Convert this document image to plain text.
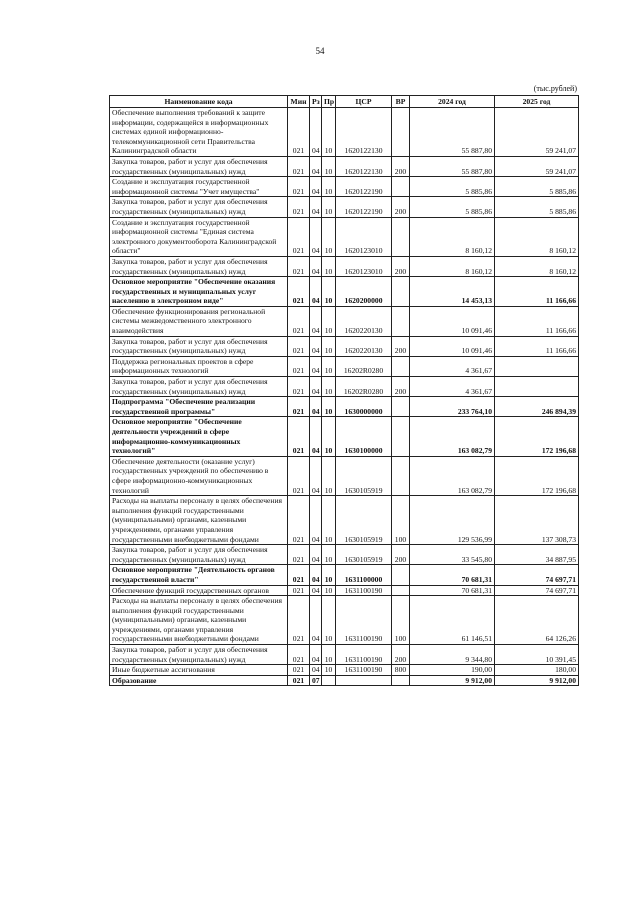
54
(тыс.рублей)
Наименование кода	Мин	Рз	Пр	ЦСР	ВР	2024 год	2025 год
Обеспечение выполнения требований к защите информации, содержащейся в информационных системах единой информационно-телекоммуникационной сети Правительства Калининградской области	021	04	10	1620122130		55 887,80	59 241,07
Закупка товаров, работ и услуг для обеспечения государственных (муниципальных) нужд	021	04	10	1620122130	200	55 887,80	59 241,07
Создание и эксплуатация государственной информационной системы "Учет имущества"	021	04	10	1620122190		5 885,86	5 885,86
Закупка товаров, работ и услуг для обеспечения государственных (муниципальных) нужд	021	04	10	1620122190	200	5 885,86	5 885,86
Создание и эксплуатация государственной информационной системы "Единая система электронного документооборота Калининградской области"	021	04	10	1620123010		8 160,12	8 160,12
Закупка товаров, работ и услуг для обеспечения государственных (муниципальных) нужд	021	04	10	1620123010	200	8 160,12	8 160,12
Основное мероприятие "Обеспечение оказания государственных и муниципальных услуг населению в электронном виде"	021	04	10	1620200000		14 453,13	11 166,66
Обеспечение функционирования региональной системы межведомственного электронного взаимодействия	021	04	10	1620220130		10 091,46	11 166,66
Закупка товаров, работ и услуг для обеспечения государственных (муниципальных) нужд	021	04	10	1620220130	200	10 091,46	11 166,66
Поддержка региональных проектов в сфере информационных технологий	021	04	10	16202R0280		4 361,67	
Закупка товаров, работ и услуг для обеспечения государственных (муниципальных) нужд	021	04	10	16202R0280	200	4 361,67	
Подпрограмма "Обеспечение реализации государственной программы"	021	04	10	1630000000		233 764,10	246 894,39
Основное мероприятие "Обеспечение деятельности учреждений в сфере информационно-коммуникационных технологий"	021	04	10	1630100000		163 082,79	172 196,68
Обеспечение деятельности (оказание услуг) государственных учреждений по обеспечению в сфере информационно-коммуникационных технологий	021	04	10	1630105919		163 082,79	172 196,68
Расходы на выплаты персоналу в целях обеспечения выполнения функций государственными (муниципальными) органами, казенными учреждениями, органами управления государственными внебюджетными фондами	021	04	10	1630105919	100	129 536,99	137 308,73
Закупка товаров, работ и услуг для обеспечения государственных (муниципальных) нужд	021	04	10	1630105919	200	33 545,80	34 887,95
Основное мероприятие "Деятельность органов государственной власти"	021	04	10	1631100000		70 681,31	74 697,71
Обеспечение функций государственных органов	021	04	10	1631100190		70 681,31	74 697,71
Расходы на выплаты персоналу в целях обеспечения выполнения функций государственными (муниципальными) органами, казенными учреждениями, органами управления государственными внебюджетными фондами	021	04	10	1631100190	100	61 146,51	64 126,26
Закупка товаров, работ и услуг для обеспечения государственных (муниципальных) нужд	021	04	10	1631100190	200	9 344,80	10 391,45
Иные бюджетные ассигнования	021	04	10	1631100190	800	190,00	180,00
Образование	021	07				9 912,00	9 912,00
